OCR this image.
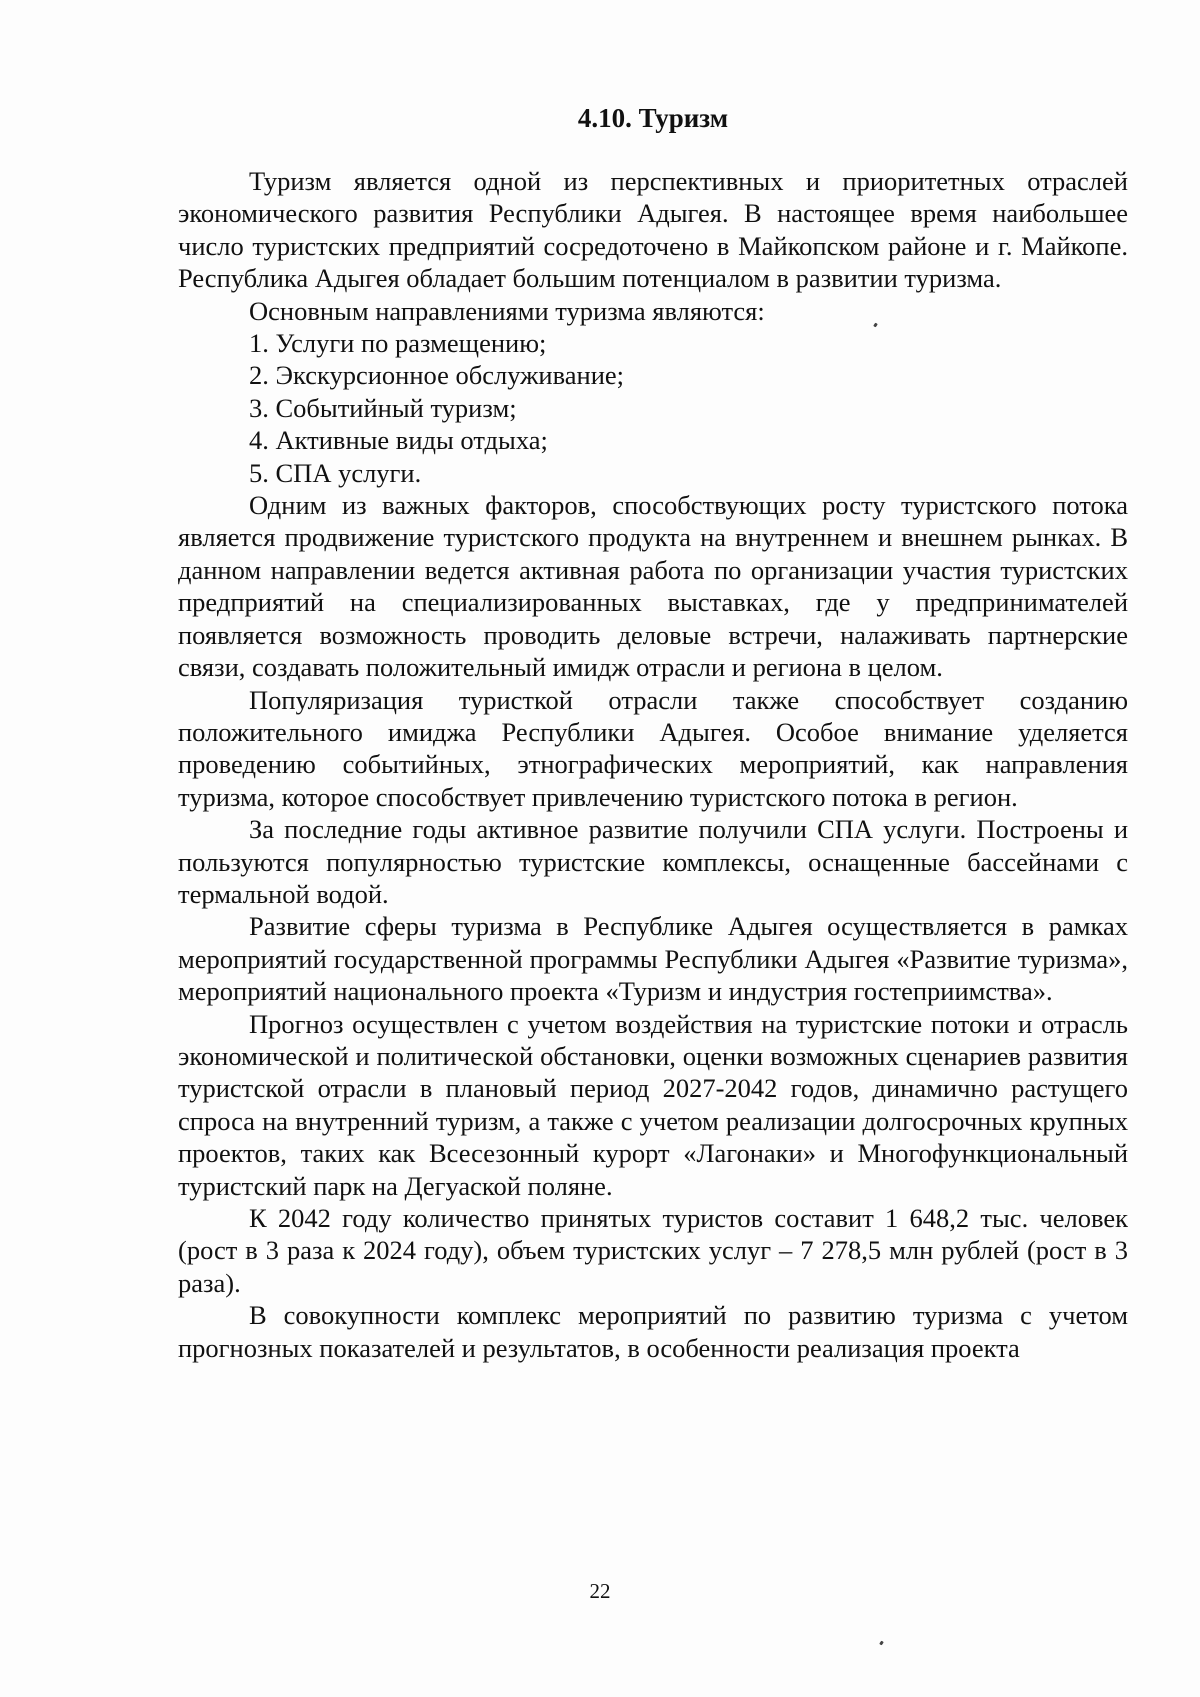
4.10. Туризм

Туризм является одной из перспективных и приоритетных отраслей экономического развития Республики Адыгея. В настоящее время наибольшее число туристских предприятий сосредоточено в Майкопском районе и г. Майкопе. Республика Адыгея обладает большим потенциалом в развитии туризма.

Основным направлениями туризма являются:

1. Услуги по размещению;

2. Экскурсионное обслуживание;

3. Событийный туризм;

4. Активные виды отдыха;

5. СПА услуги.

Одним из важных факторов, способствующих росту туристского потока является продвижение туристского продукта на внутреннем и внешнем рынках. В данном направлении ведется активная работа по организации участия туристских предприятий на специализированных выставках, где у предпринимателей появляется возможность проводить деловые встречи, налаживать партнерские связи, создавать положительный имидж отрасли и региона в целом.

Популяризация туристкой отрасли также способствует созданию положительного имиджа Республики Адыгея. Особое внимание уделяется проведению событийных, этнографических мероприятий, как направления туризма, которое способствует привлечению туристского потока в регион.

За последние годы активное развитие получили СПА услуги. Построены и пользуются популярностью туристские комплексы, оснащенные бассейнами с термальной водой.

Развитие сферы туризма в Республике Адыгея осуществляется в рамках мероприятий государственной программы Республики Адыгея «Развитие туризма», мероприятий национального проекта «Туризм и индустрия гостеприимства».

Прогноз осуществлен с учетом воздействия на туристские потоки и отрасль экономической и политической обстановки, оценки возможных сценариев развития туристской отрасли в плановый период 2027-2042 годов, динамично растущего спроса на внутренний туризм, а также с учетом реализации долгосрочных крупных проектов, таких как Всесезонный курорт «Лагонаки» и Многофункциональный туристский парк на Дегуаской поляне.

К 2042 году количество принятых туристов составит 1 648,2 тыс. человек (рост в 3 раза к 2024 году), объем туристских услуг – 7 278,5 млн рублей (рост в 3 раза).

В совокупности комплекс мероприятий по развитию туризма с учетом прогнозных показателей и результатов, в особенности реализация проекта

22
